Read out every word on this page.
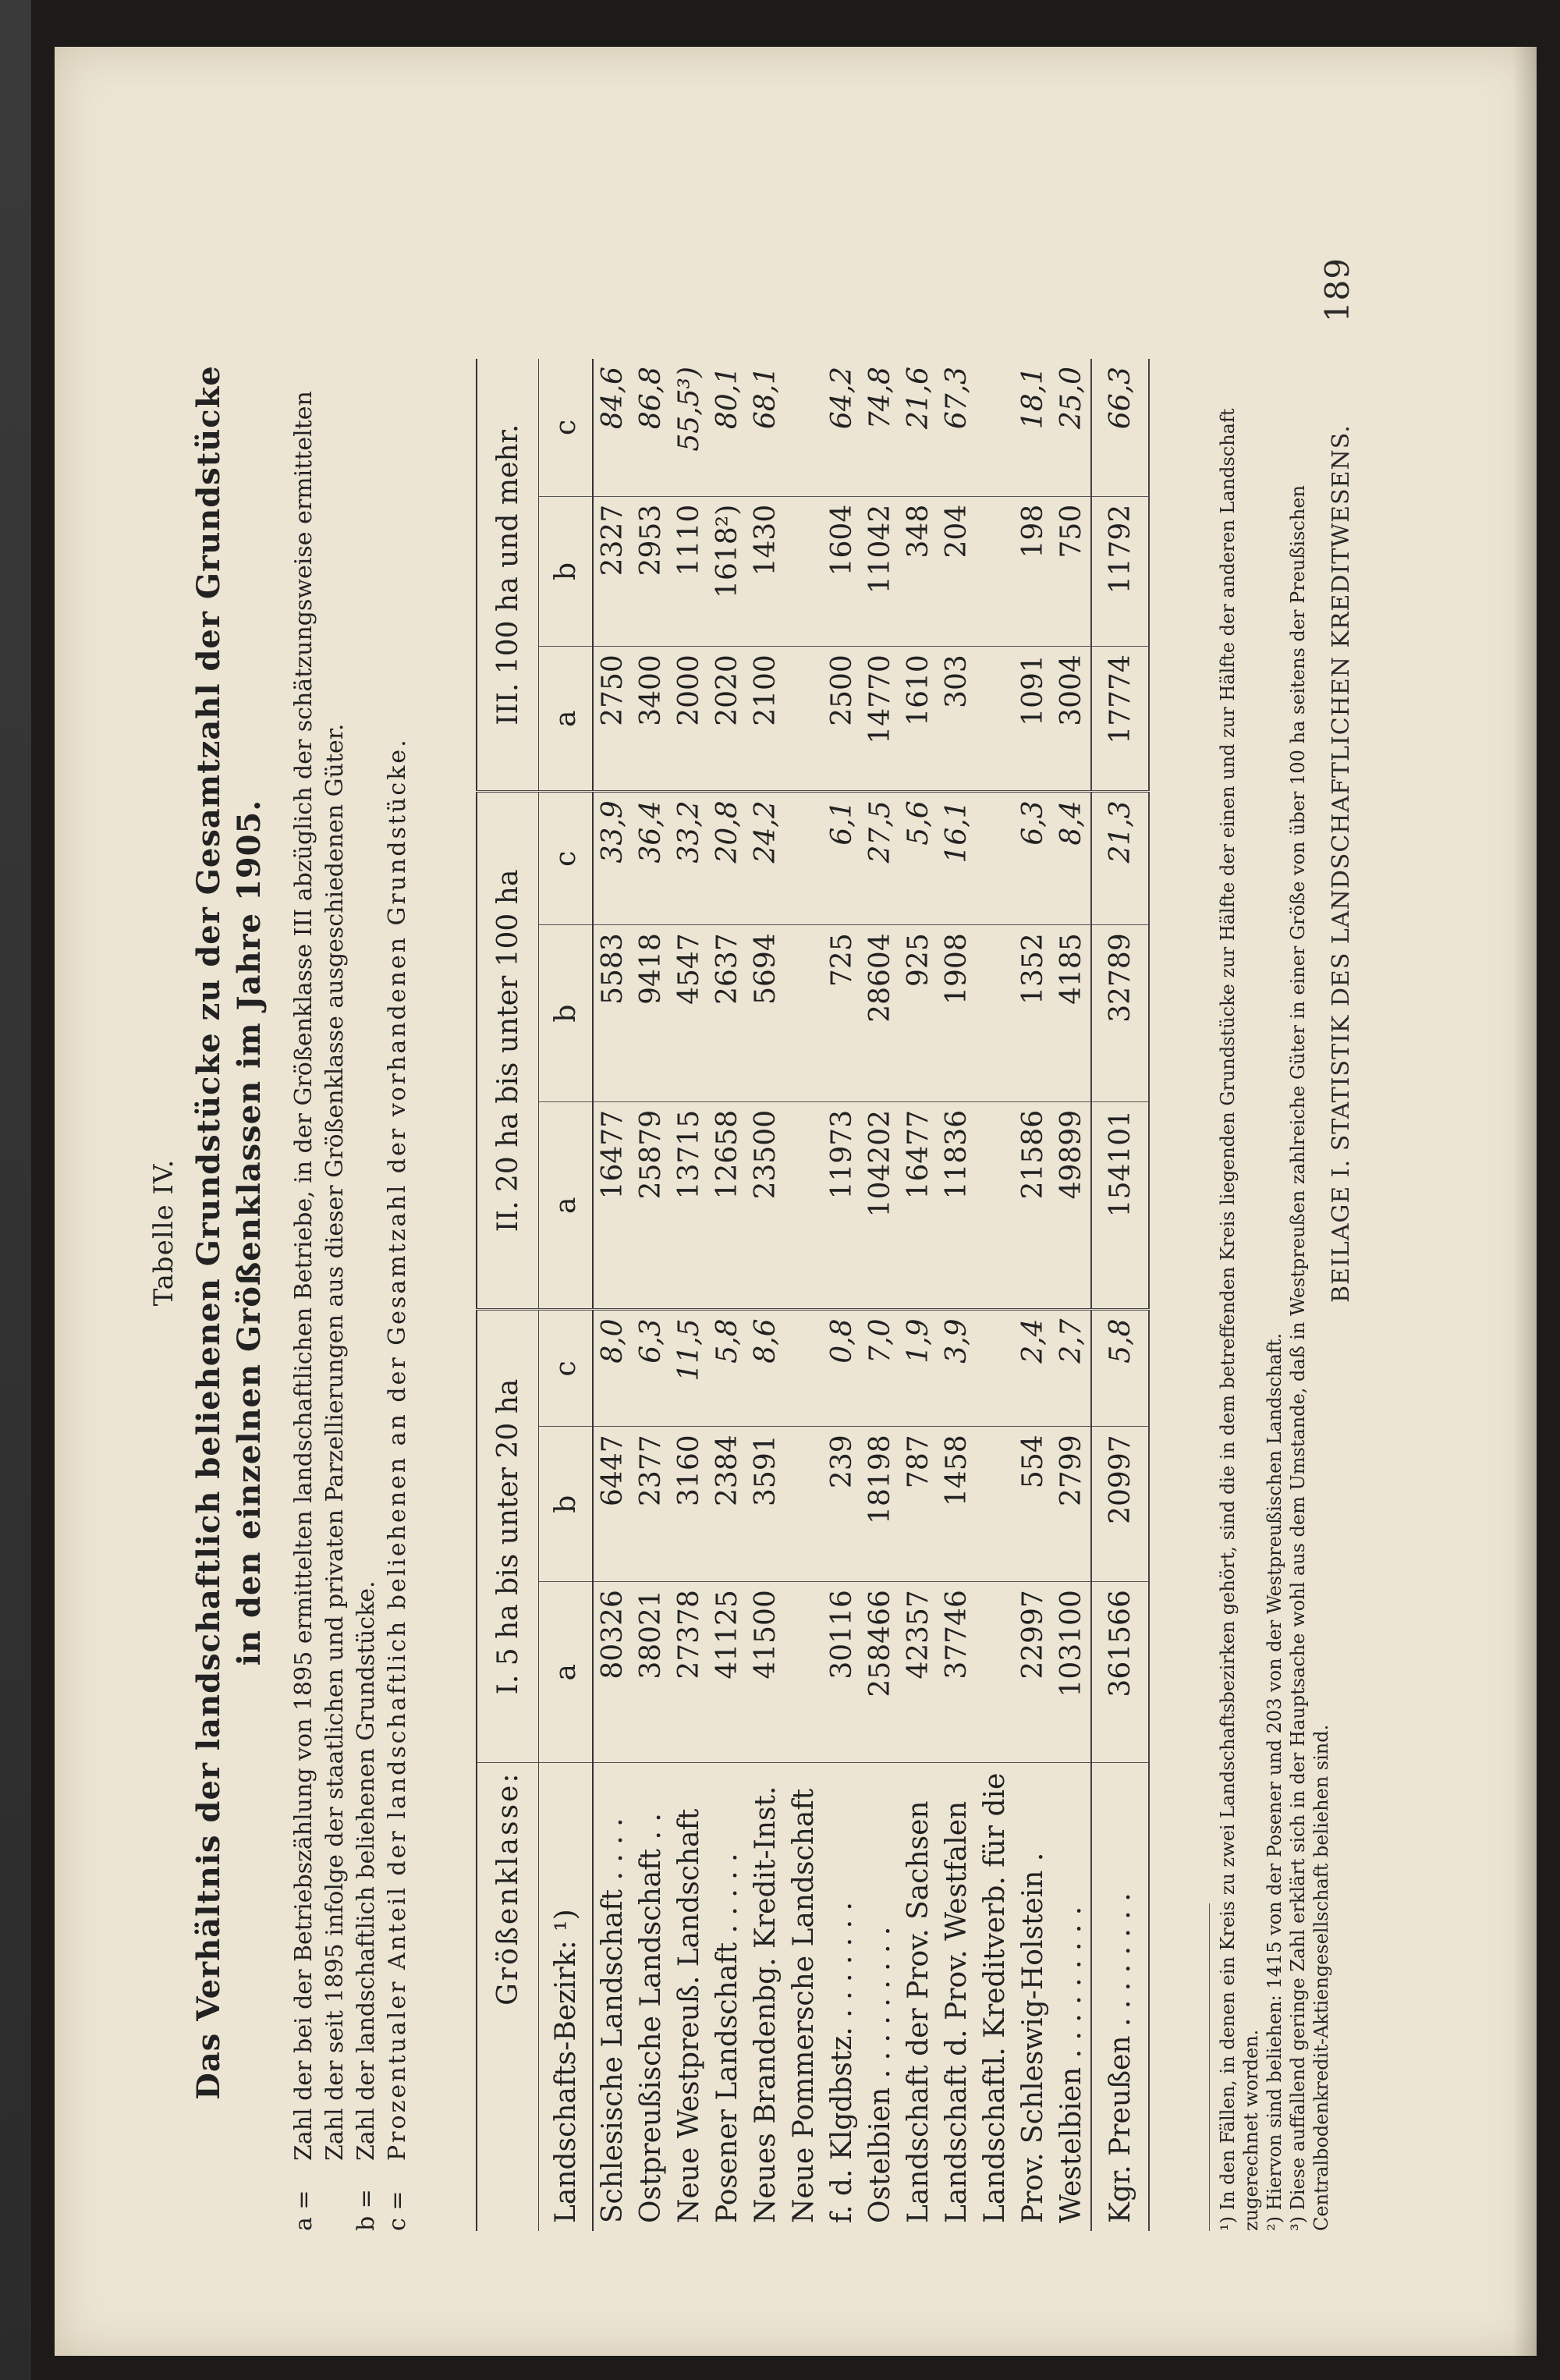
BEILAGE I. STATISTIK DES LANDSCHAFTLICHEN KREDITWESENS.
189
Tabelle IV. Das Verhältnis der landschaftlich beliehenen Grundstücke zu der Gesamtzahl der Grundstücke in den einzelnen Größenklassen im Jahre 1905.
a =
Zahl der bei der Betriebszählung von 1895 ermittelten landschaftlichen Betriebe, in der Größenklasse III abzüglich der schätzungsweise ermittelten Zahl der seit 1895 infolge der staatlichen und privaten Parzellierungen aus dieser Größenklasse ausgeschiedenen Güter.
b =
Zahl der landschaftlich beliehenen Grundstücke.
c =
Prozentualer Anteil der landschaftlich beliehenen an der Gesamtzahl der vorhandenen Grundstücke.	Größenklasse:	I. 5 ha bis unter 20 ha			II. 20 ha bis unter 100 ha			III. 100 ha und mehr.		
Landschafts-Bezirk: ¹)	a	b	c	a	b	c	a	b	c
Schlesische Landschaft . . . .	80326	6447	8,0	16477	5583	33,9	2750	2327	84,6
Ostpreußische Landschaft . .	38021	2377	6,3	25879	9418	36,4	3400	2953	86,8
Neue Westpreuß. Landschaft	27378	3160	11,5	13715	4547	33,2	2000	1110	55,5³)
Posener Landschaft . . . . .	41125	2384	5,8	12658	2637	20,8	2020	1618²)	80,1
Neues Brandenbg. Kredit-Inst.	41500	3591	8,6	23500	5694	24,2	2100	1430	68,1
Neue Pommersche Landschaft									
f. d. Klgdbstz. . . . . . . .	30116	239	0,8	11973	725	6,1	2500	1604	64,2
Ostelbien . . . . . . . . .	258466	18198	7,0	104202	28604	27,5	14770	11042	74,8
Landschaft der Prov. Sachsen	42357	787	1,9	16477	925	5,6	1610	348	21,6
Landschaft d. Prov. Westfalen	37746	1458	3,9	11836	1908	16,1	303	204	67,3
Landschaftl. Kreditverb. für die									
Prov. Schleswig-Holstein .	22997	554	2,4	21586	1352	6,3	1091	198	18,1
Westelbien . . . . . . . . .	103100	2799	2,7	49899	4185	8,4	3004	750	25,0
Kgr. Preußen . . . . . . . .	361566	20997	5,8	154101	32789	21,3	17774	11792	66,3
¹) In den Fällen, in denen ein Kreis zu zwei Landschaftsbezirken gehört, sind die in dem betreffenden Kreis liegenden Grundstücke zur Hälfte der einen und zur Hälfte der anderen Landschaft zugerechnet worden. ²) Hiervon sind beliehen: 1415 von der Posener und 203 von der Westpreußischen Landschaft. ³) Diese auffallend geringe Zahl erklärt sich in der Hauptsache wohl aus dem Umstande, daß in Westpreußen zahlreiche Güter in einer Größe von über 100 ha seitens der Preußischen Centralbodenkredit-Aktiengesellschaft beliehen sind.
